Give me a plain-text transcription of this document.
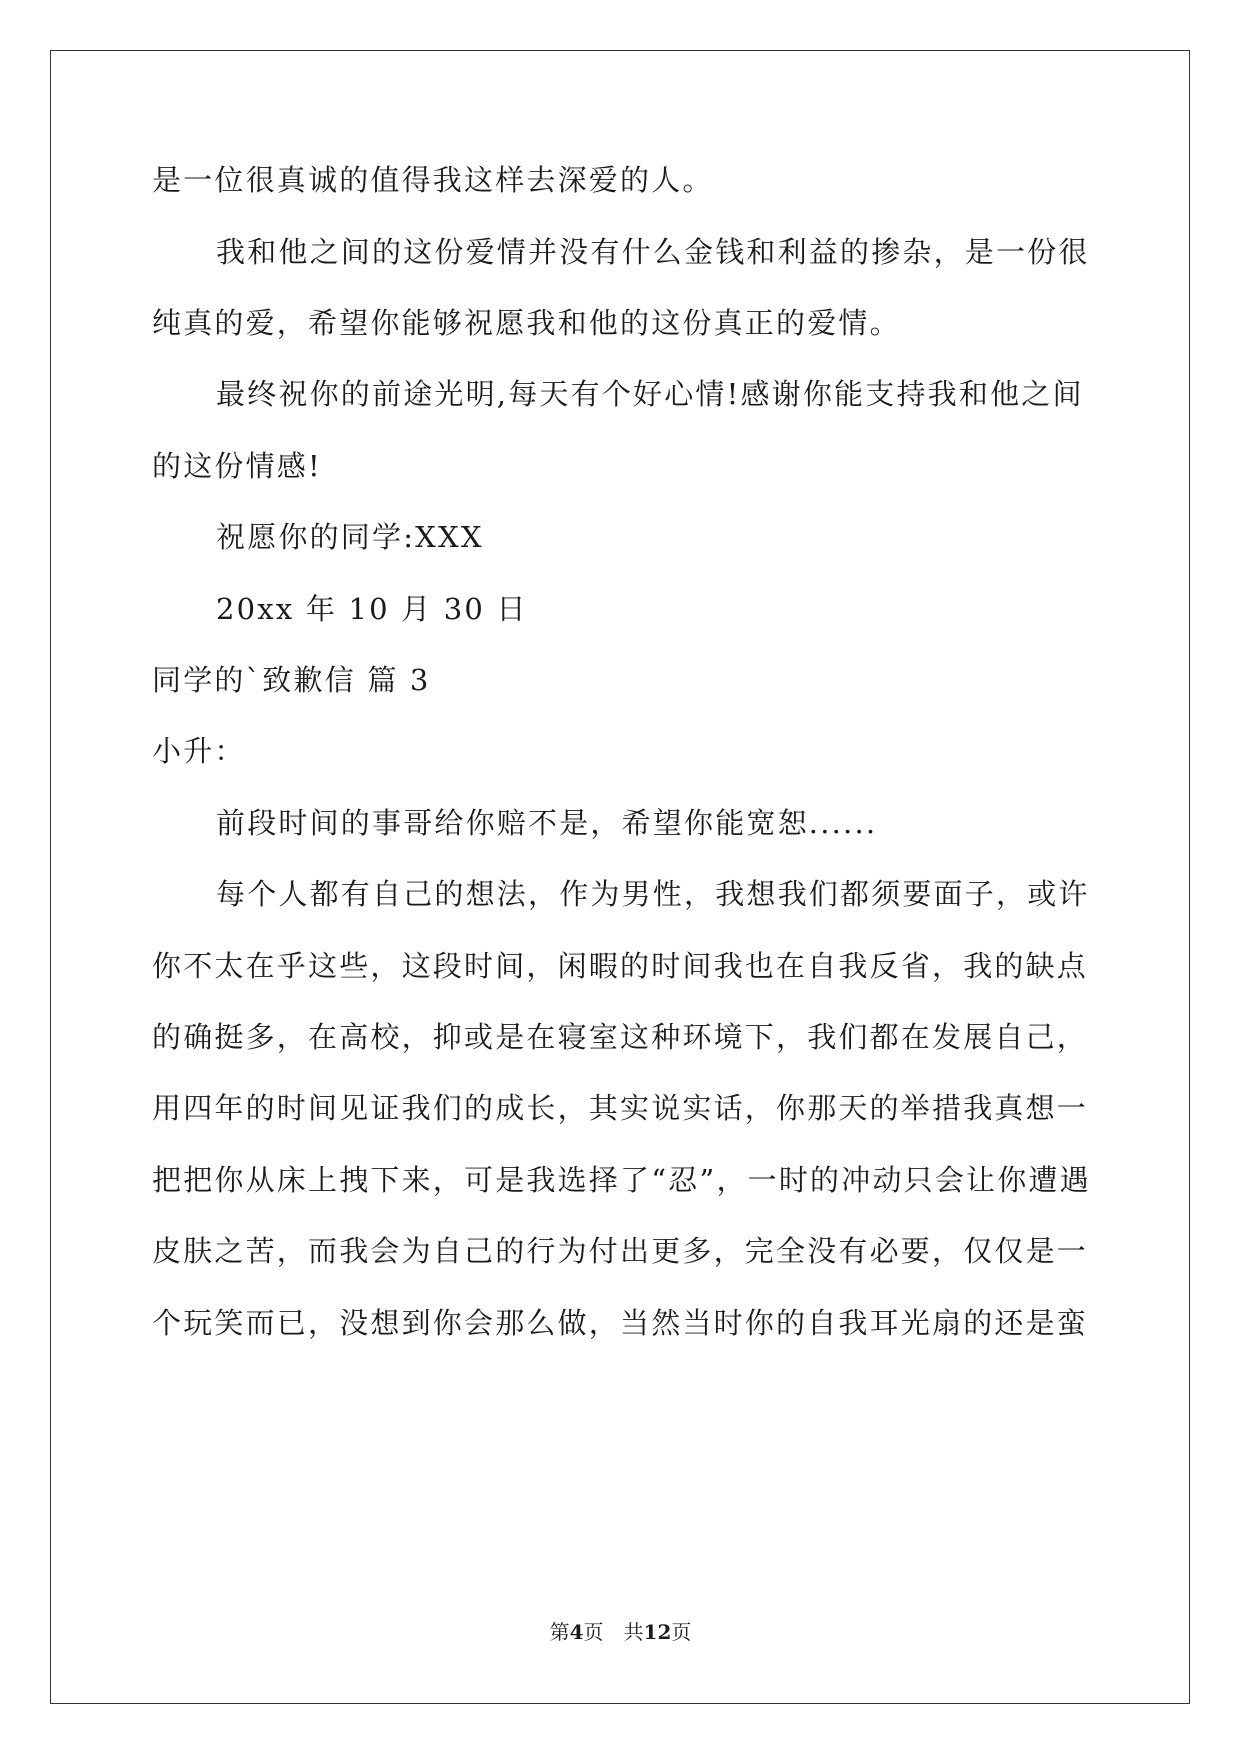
是一位很真诚的值得我这样去深爱的人。
我和他之间的这份爱情并没有什么金钱和利益的掺杂，是一份很
纯真的爱，希望你能够祝愿我和他的这份真正的爱情。
最终祝你的前途光明,每天有个好心情!感谢你能支持我和他之间
的这份情感!
祝愿你的同学:XXX
20xx 年 10 月 30 日
同学的`致歉信 篇 3
小升：
前段时间的事哥给你赔不是，希望你能宽恕......
每个人都有自己的想法，作为男性，我想我们都须要面子，或许
你不太在乎这些，这段时间，闲暇的时间我也在自我反省，我的缺点
的确挺多，在高校，抑或是在寝室这种环境下，我们都在发展自己，
用四年的时间见证我们的成长，其实说实话，你那天的举措我真想一
把把你从床上拽下来，可是我选择了“忍”，一时的冲动只会让你遭遇
皮肤之苦，而我会为自己的行为付出更多，完全没有必要，仅仅是一
个玩笑而已，没想到你会那么做，当然当时你的自我耳光扇的还是蛮
第4页　共12页
